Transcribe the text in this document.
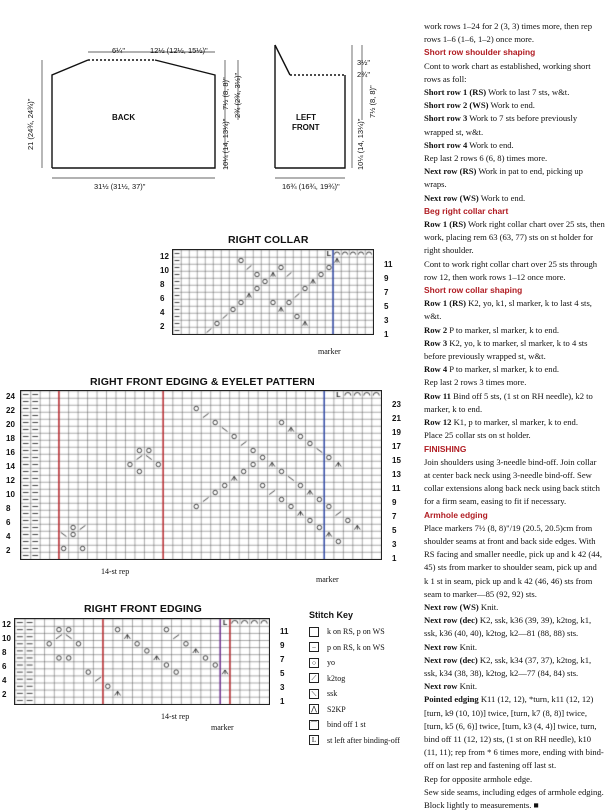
BACK
6¼"	12½ (12½, 15½)"
31½ (31½, 37)"
21 (24¾, 24¾)"
7½ (8, 8)" 2¾ (2¾, 3½)"
10¼ (14, 13¼)"
LEFT
FRONT
3½"
2¾"
7½ (8, 8)"
10¼ (14, 13¼)"
16¾ (16¾, 19¾)"
RIGHT COLLAR
12
10
8
6
4
2
11
9
7
5
3
1
marker
RIGHT FRONT EDGING & EYELET PATTERN
24
22
20
18
16
14
12
10
8
6
4
2
23
21
19
17
15
13
11
9
7
5
3
1
14-st rep
marker
RIGHT FRONT EDGING
12
10
8
6
4
2
11
9
7
5
3
1
14-st rep
marker
Stitch Key
k on RS, p on WS
–	p on RS, k on WS
○	yo
⟋	k2tog
⟍	ssk
⋀ S2KP
⌒ bind off 1 st
L	st left after binding-off
work rows 1–24 for 2 (3, 3) times more, then rep
rows 1–6 (1–6, 1–2) once more.
Short row shoulder shaping
Cont to work chart as established, working short
rows as foll:
Short row 1 (RS) Work to last 7 sts, w&t.
Short row 2 (WS) Work to end.
Short row 3 Work to 7 sts before previously
wrapped st, w&t.
Short row 4 Work to end.
Rep last 2 rows 6 (6, 8) times more.
Next row (RS) Work in pat to end, picking up
wraps.
Next row (WS) Work to end.
Beg right collar chart
Row 1 (RS) Work right collar chart over 25 sts, then
work, placing rem 63 (63, 77) sts on st holder for
right shoulder.
Cont to work right collar chart over 25 sts through
row 12, then work rows 1–12 once more.
Short row collar shaping
Row 1 (RS) K2, yo, k1, sl marker, k to last 4 sts,
w&t.
Row 2 P to marker, sl marker, k to end.
Row 3 K2, yo, k to marker, sl marker, k to 4 sts
before previously wrapped st, w&t.
Row 4 P to marker, sl marker, k to end.
Rep last 2 rows 3 times more.
Row 11 Bind off 5 sts, (1 st on RH needle), k2 to
marker, k to end.
Row 12 K1, p to marker, sl marker, k to end.
Place 25 collar sts on st holder.
FINISHING
Join shoulders using 3-needle bind-off. Join collar
at center back neck using 3-needle bind-off. Sew
collar extensions along back neck using back stitch
for a firm seam, easing to fit if necessary.
Armhole edging
Place markers 7½ (8, 8)"/19 (20.5, 20.5)cm from
shoulder seams at front and back side edges. With
RS facing and smaller needle, pick up and k 42 (44,
45) sts from marker to shoulder seam, pick up and
k 1 st in seam, pick up and k 42 (46, 46) sts from
seam to marker—85 (92, 92) sts.
Next row (WS) Knit.
Next row (dec) K2, ssk, k36 (39, 39), k2tog, k1,
ssk, k36 (40, 40), k2tog, k2—81 (88, 88) sts.
Next row Knit.
Next row (dec) K2, ssk, k34 (37, 37), k2tog, k1,
ssk, k34 (38, 38), k2tog, k2—77 (84, 84) sts.
Next row Knit.
Pointed edging K11 (12, 12), *turn, k11 (12, 12)
[turn, k9 (10, 10)] twice, [turn, k7 (8, 8)] twice,
[turn, k5 (6, 6)] twice, [turn, k3 (4, 4)] twice, turn,
bind off 11 (12, 12) sts, (1 st on RH needle), k10
(11, 11); rep from * 6 times more, ending with bind-
off on last rep and fastening off last st.
Rep for opposite armhole edge.
Sew side seams, including edges of armhole edging.
Block lightly to measurements. ■
